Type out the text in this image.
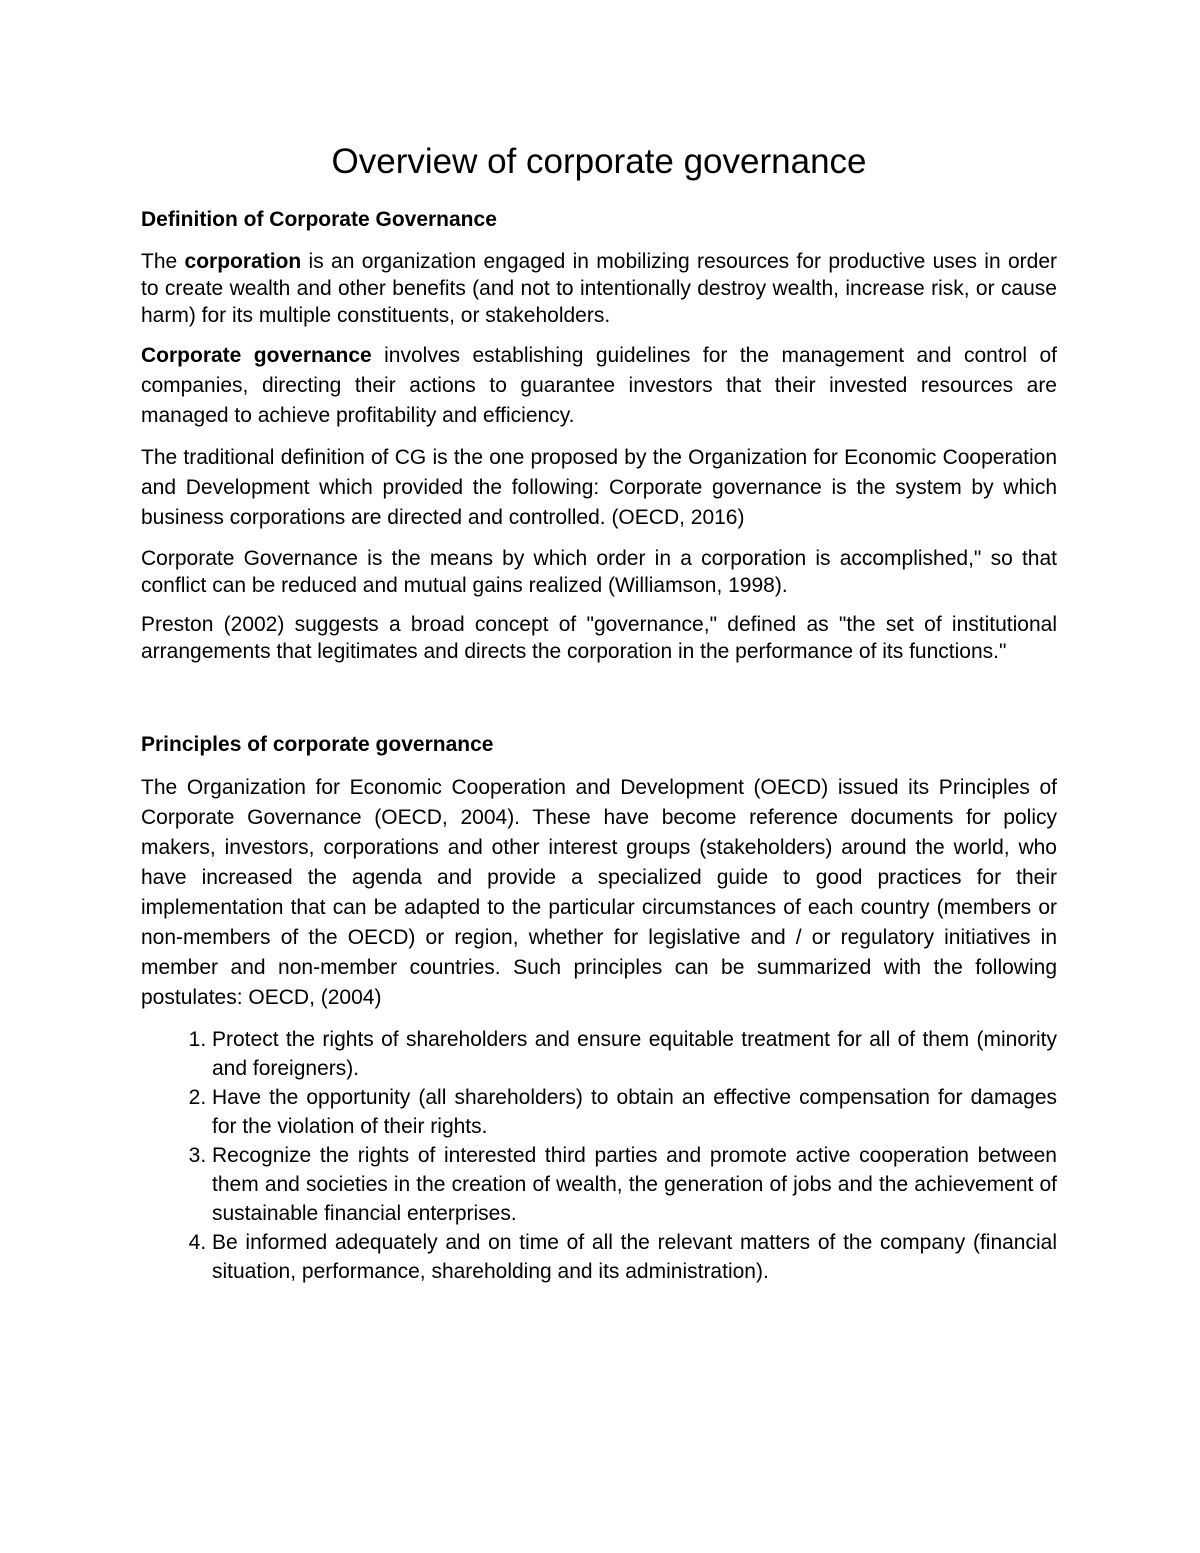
Overview of corporate governance
Definition of Corporate Governance

The corporation is an organization engaged in mobilizing resources for productive uses in order to create wealth and other benefits (and not to intentionally destroy wealth, increase risk, or cause harm) for its multiple constituents, or stakeholders.

Corporate governance involves establishing guidelines for the management and control of companies, directing their actions to guarantee investors that their invested resources are managed to achieve profitability and efficiency.

The traditional definition of CG is the one proposed by the Organization for Economic Cooperation and Development which provided the following: Corporate governance is the system by which business corporations are directed and controlled. (OECD, 2016)

Corporate Governance is the means by which order in a corporation is accomplished," so that conflict can be reduced and mutual gains realized (Williamson, 1998).

Preston (2002) suggests a broad concept of "governance," defined as "the set of institutional arrangements that legitimates and directs the corporation in the performance of its functions."

Principles of corporate governance

The Organization for Economic Cooperation and Development (OECD) issued its Principles of Corporate Governance (OECD, 2004). These have become reference documents for policy makers, investors, corporations and other interest groups (stakeholders) around the world, who have increased the agenda and provide a specialized guide to good practices for their implementation that can be adapted to the particular circumstances of each country (members or non-members of the OECD) or region, whether for legislative and / or regulatory initiatives in member and non-member countries. Such principles can be summarized with the following postulates: OECD, (2004)

1. Protect the rights of shareholders and ensure equitable treatment for all of them (minority and foreigners).
2. Have the opportunity (all shareholders) to obtain an effective compensation for damages for the violation of their rights.
3. Recognize the rights of interested third parties and promote active cooperation between them and societies in the creation of wealth, the generation of jobs and the achievement of sustainable financial enterprises.
4. Be informed adequately and on time of all the relevant matters of the company (financial situation, performance, shareholding and its administration).
